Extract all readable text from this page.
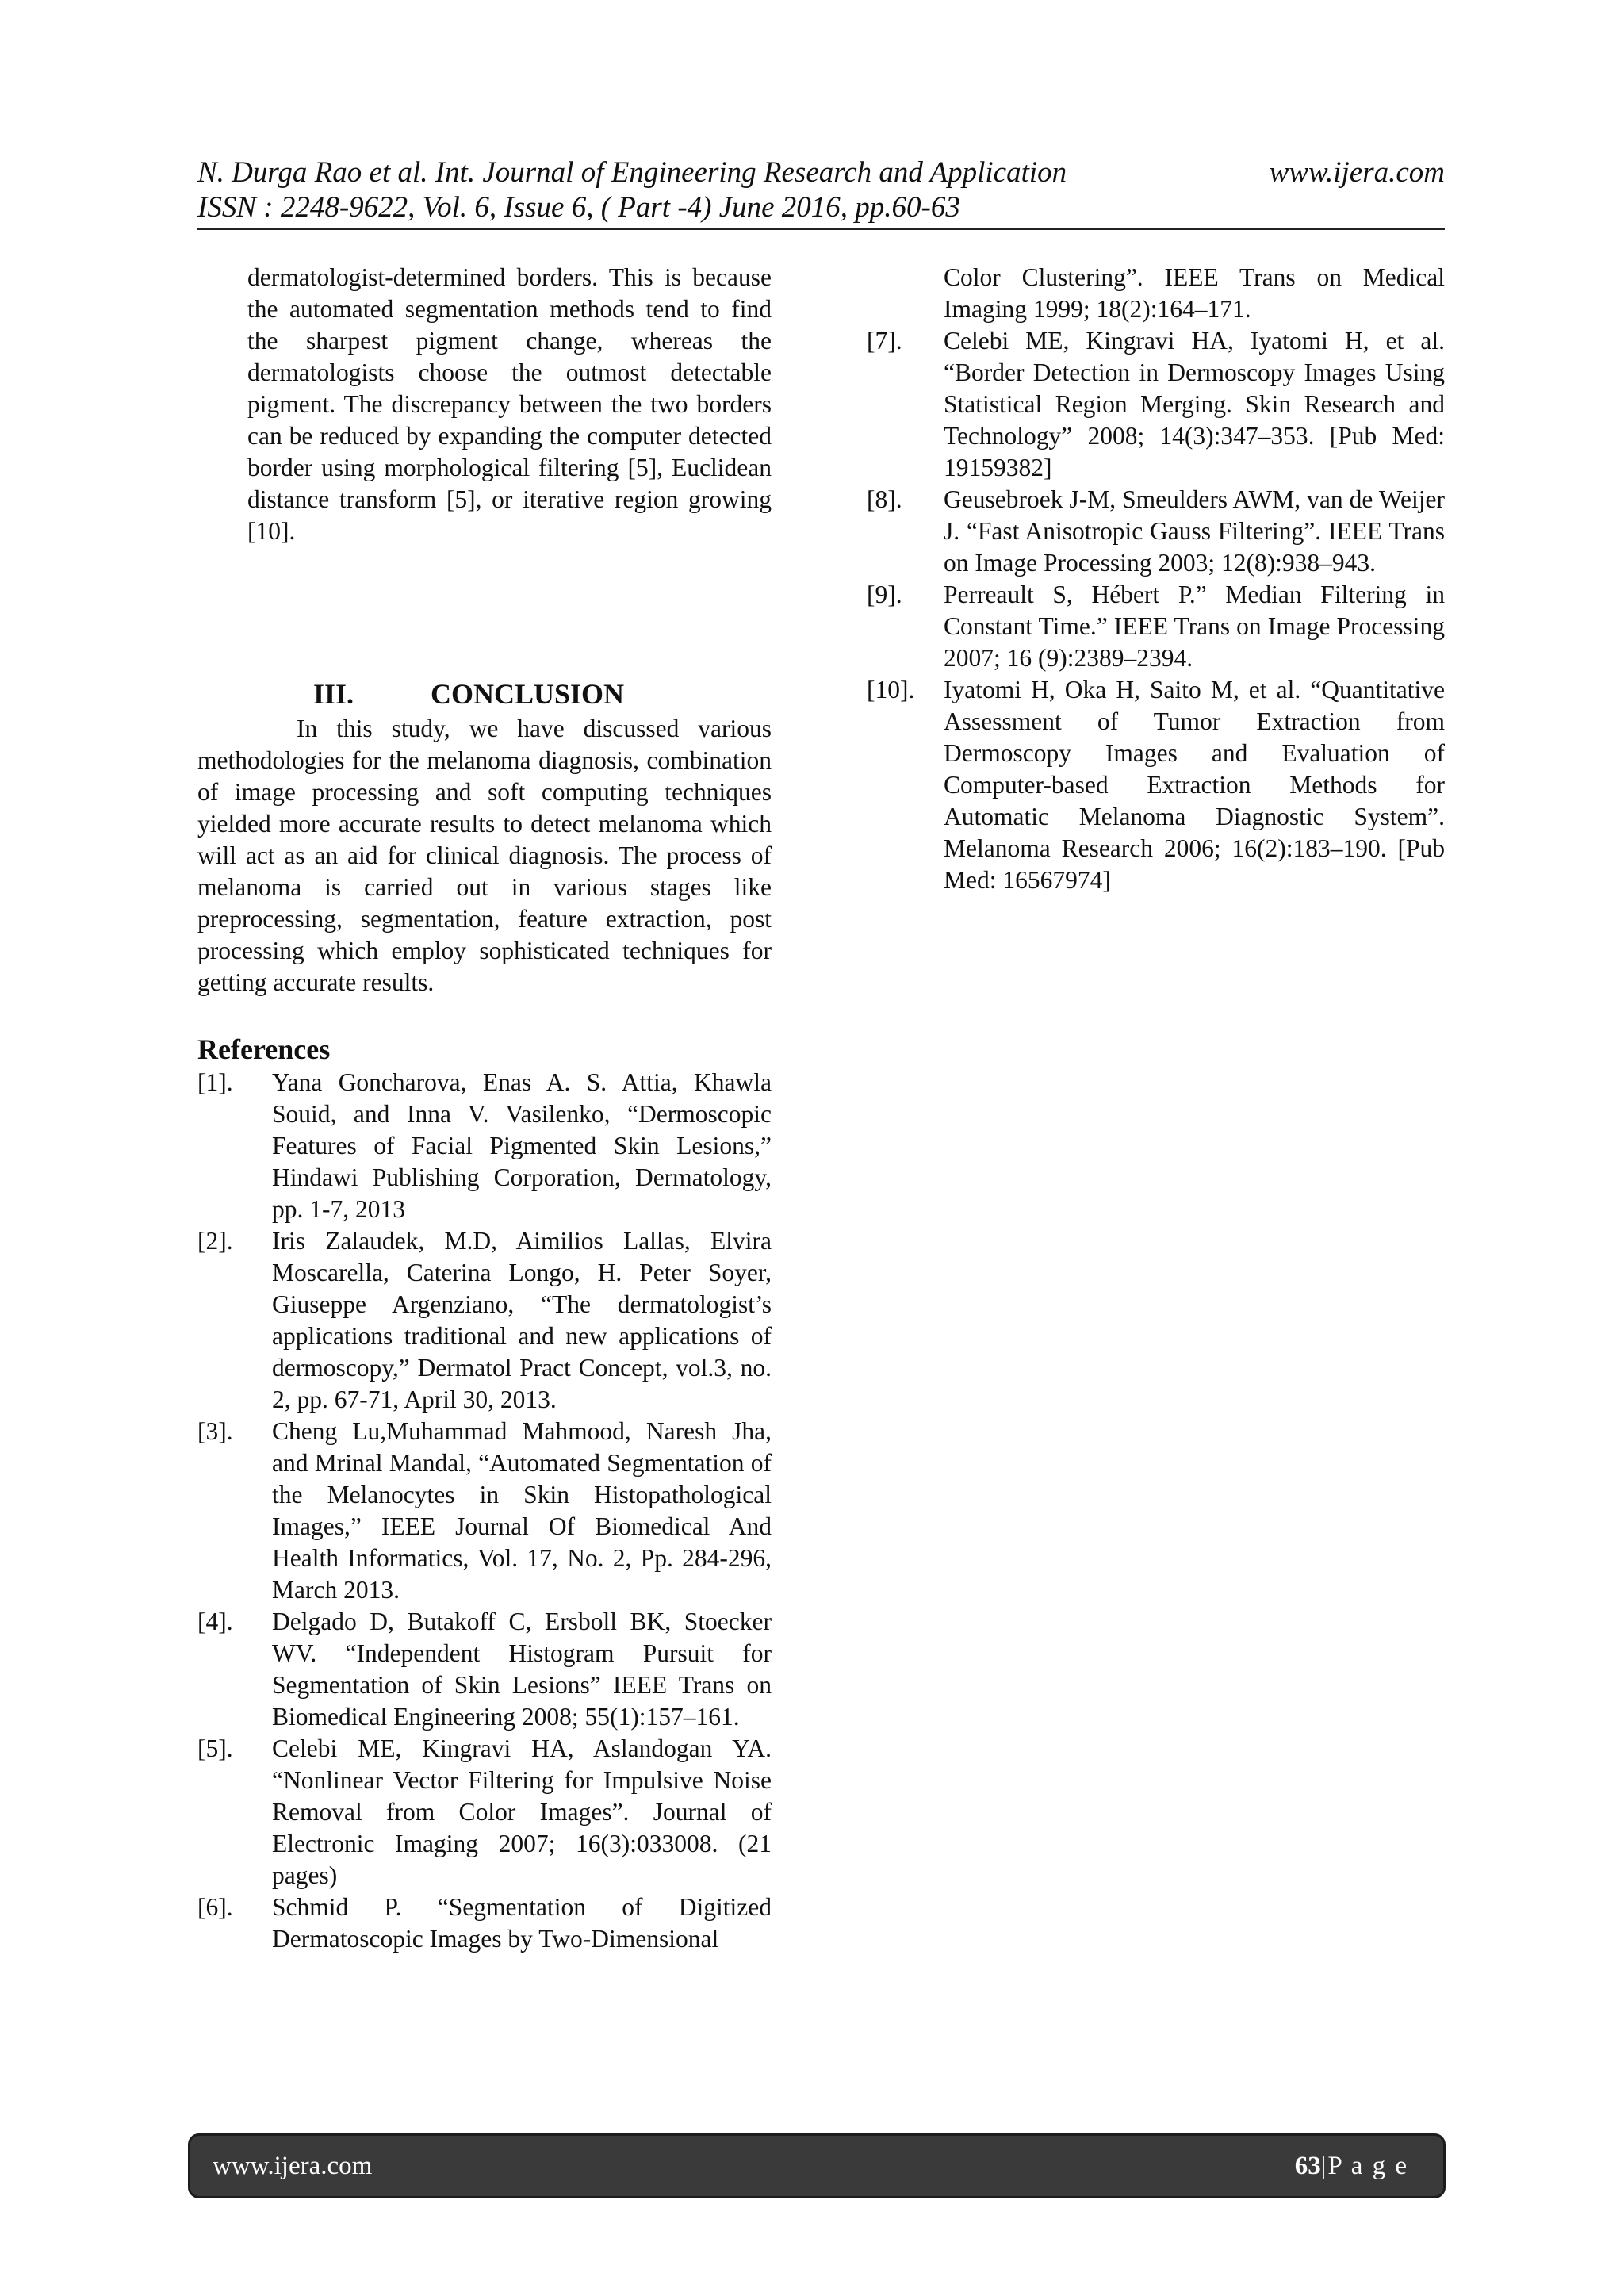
N. Durga Rao et al. Int. Journal of Engineering Research and Application	www.ijera.com
ISSN : 2248-9622, Vol. 6, Issue 6, ( Part -4) June 2016, pp.60-63

dermatologist-determined borders. This is because the automated segmentation methods tend to find the sharpest pigment change, whereas the dermatologists choose the outmost detectable pigment. The discrepancy between the two borders can be reduced by expanding the computer detected border using morphological filtering [5], Euclidean distance transform [5], or iterative region growing [10].

III.	CONCLUSION

In this study, we have discussed various methodologies for the melanoma diagnosis, combination of image processing and soft computing techniques yielded more accurate results to detect melanoma which will act as an aid for clinical diagnosis. The process of melanoma is carried out in various stages like preprocessing, segmentation, feature extraction, post processing which employ sophisticated techniques for getting accurate results.

References
[1].	Yana Goncharova, Enas A. S. Attia, Khawla Souid, and Inna V. Vasilenko, “Dermoscopic Features of Facial Pigmented Skin Lesions,” Hindawi Publishing Corporation, Dermatology, pp. 1-7, 2013
[2].	Iris Zalaudek, M.D, Aimilios Lallas, Elvira Moscarella, Caterina Longo, H. Peter Soyer, Giuseppe Argenziano, “The dermatologist’s applications traditional and new applications of dermoscopy,” Dermatol Pract Concept, vol.3, no. 2, pp. 67-71, April 30, 2013.
[3].	Cheng Lu,Muhammad Mahmood, Naresh Jha, and Mrinal Mandal, “Automated Segmentation of the Melanocytes in Skin Histopathological Images,” IEEE Journal Of Biomedical And Health Informatics, Vol. 17, No. 2, Pp. 284-296, March 2013.
[4].	Delgado D, Butakoff C, Ersboll BK, Stoecker WV. “Independent Histogram Pursuit for Segmentation of Skin Lesions” IEEE Trans on Biomedical Engineering 2008; 55(1):157–161.
[5].	Celebi ME, Kingravi HA, Aslandogan YA. “Nonlinear Vector Filtering for Impulsive Noise Removal from Color Images”. Journal of Electronic Imaging 2007; 16(3):033008. (21 pages)
[6].	Schmid P. “Segmentation of Digitized Dermatoscopic Images by Two-Dimensional
Color Clustering”. IEEE Trans on Medical Imaging 1999; 18(2):164–171.
[7].	Celebi ME, Kingravi HA, Iyatomi H, et al. “Border Detection in Dermoscopy Images Using Statistical Region Merging. Skin Research and Technology” 2008; 14(3):347–353. [Pub Med: 19159382]
[8].	Geusebroek J-M, Smeulders AWM, van de Weijer J. “Fast Anisotropic Gauss Filtering”. IEEE Trans on Image Processing 2003; 12(8):938–943.
[9].	Perreault S, Hébert P.” Median Filtering in Constant Time.” IEEE Trans on Image Processing 2007; 16 (9):2389–2394.
[10].	Iyatomi H, Oka H, Saito M, et al. “Quantitative Assessment of Tumor Extraction from Dermoscopy Images and Evaluation of Computer-based Extraction Methods for Automatic Melanoma Diagnostic System”. Melanoma Research 2006; 16(2):183–190. [Pub Med: 16567974]
www.ijera.com	63|P a g e
